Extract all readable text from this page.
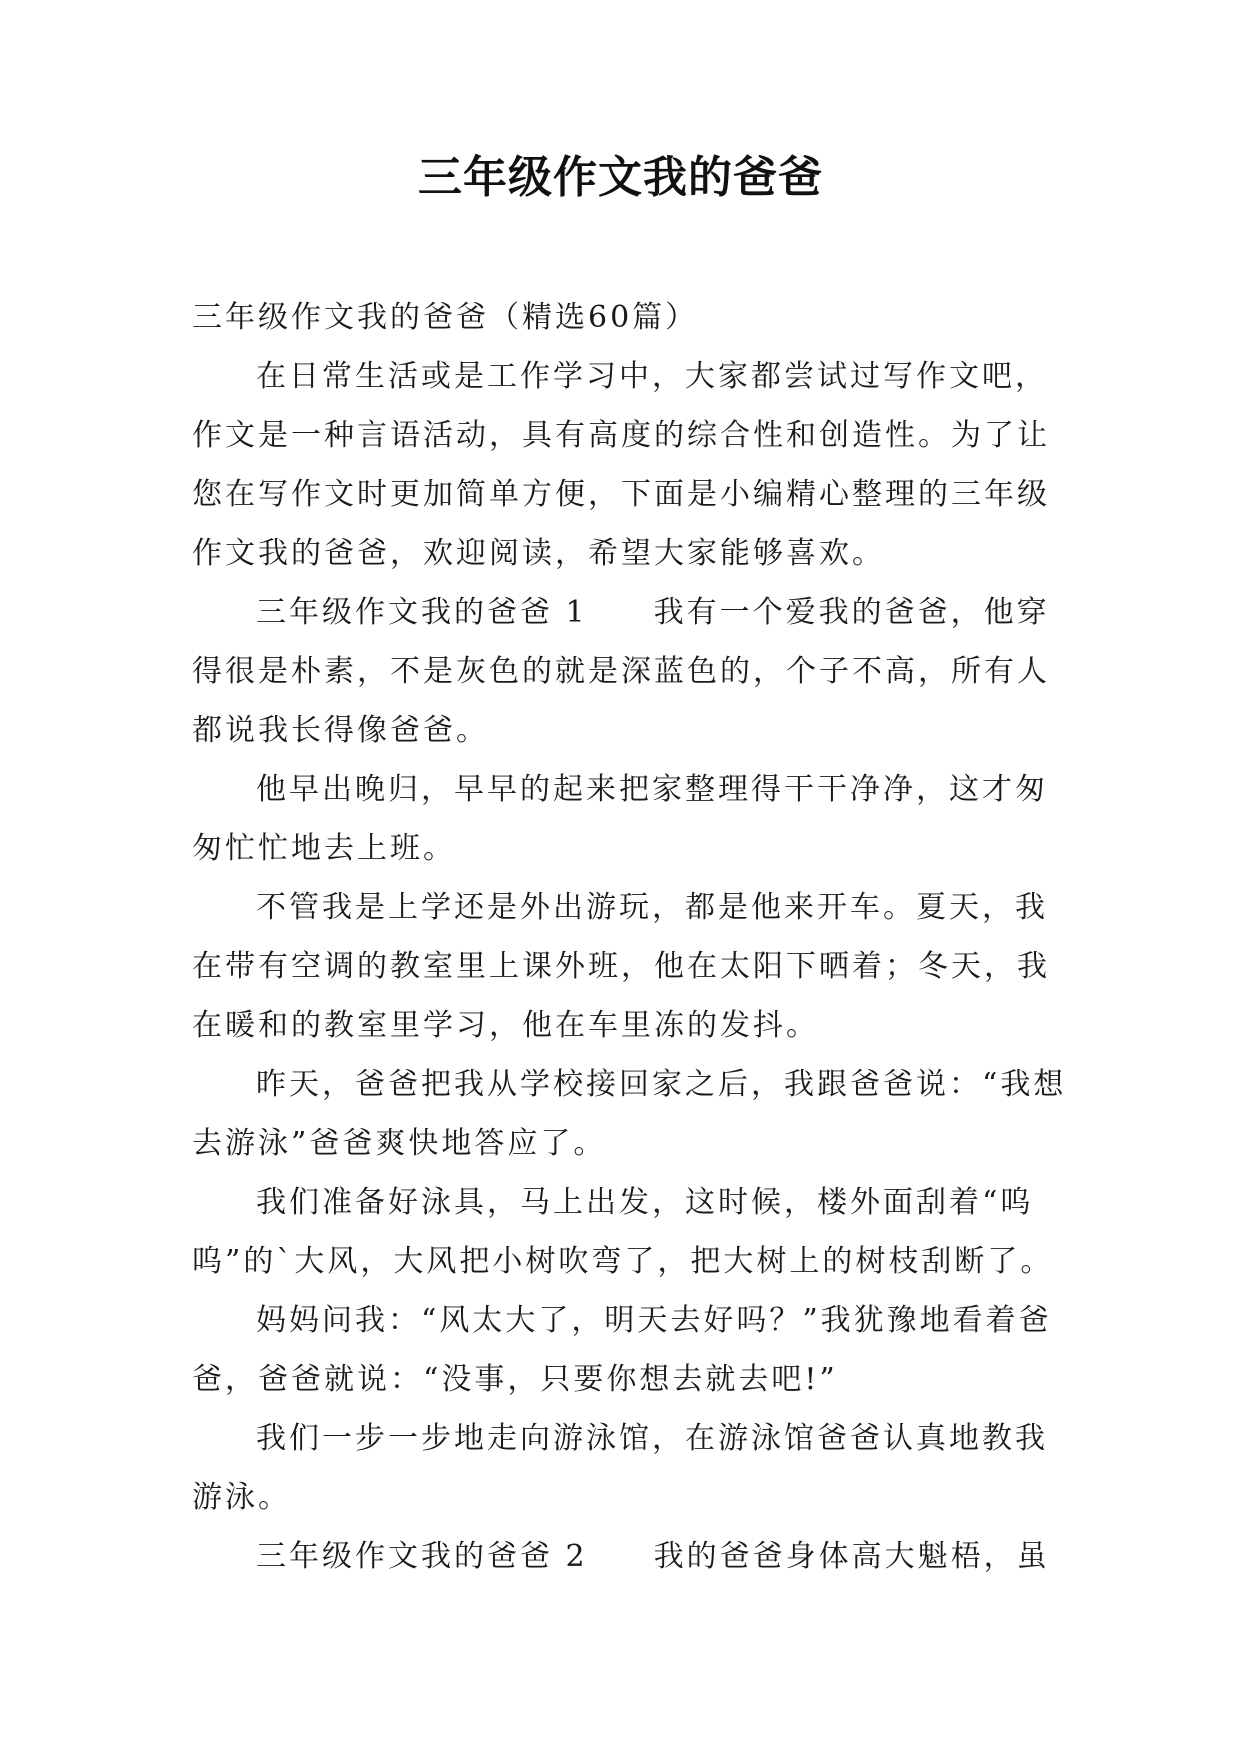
三年级作文我的爸爸

三年级作文我的爸爸（精选60篇）

在日常生活或是工作学习中，大家都尝试过写作文吧，作文是一种言语活动，具有高度的综合性和创造性。为了让您在写作文时更加简单方便，下面是小编精心整理的三年级作文我的爸爸，欢迎阅读，希望大家能够喜欢。

三年级作文我的爸爸 1 我有一个爱我的爸爸，他穿得很是朴素，不是灰色的就是深蓝色的，个子不高，所有人都说我长得像爸爸。

他早出晚归，早早的起来把家整理得干干净净，这才匆匆忙忙地去上班。

不管我是上学还是外出游玩，都是他来开车。夏天，我在带有空调的教室里上课外班，他在太阳下晒着；冬天，我在暖和的教室里学习，他在车里冻的发抖。

昨天，爸爸把我从学校接回家之后，我跟爸爸说：“我想去游泳”爸爸爽快地答应了。

我们准备好泳具，马上出发，这时候，楼外面刮着“呜呜”的`大风，大风把小树吹弯了，把大树上的树枝刮断了。

妈妈问我：“风太大了，明天去好吗？”我犹豫地看着爸爸，爸爸就说：“没事，只要你想去就去吧!”

我们一步一步地走向游泳馆，在游泳馆爸爸认真地教我游泳。

三年级作文我的爸爸 2 我的爸爸身体高大魁梧，虽
